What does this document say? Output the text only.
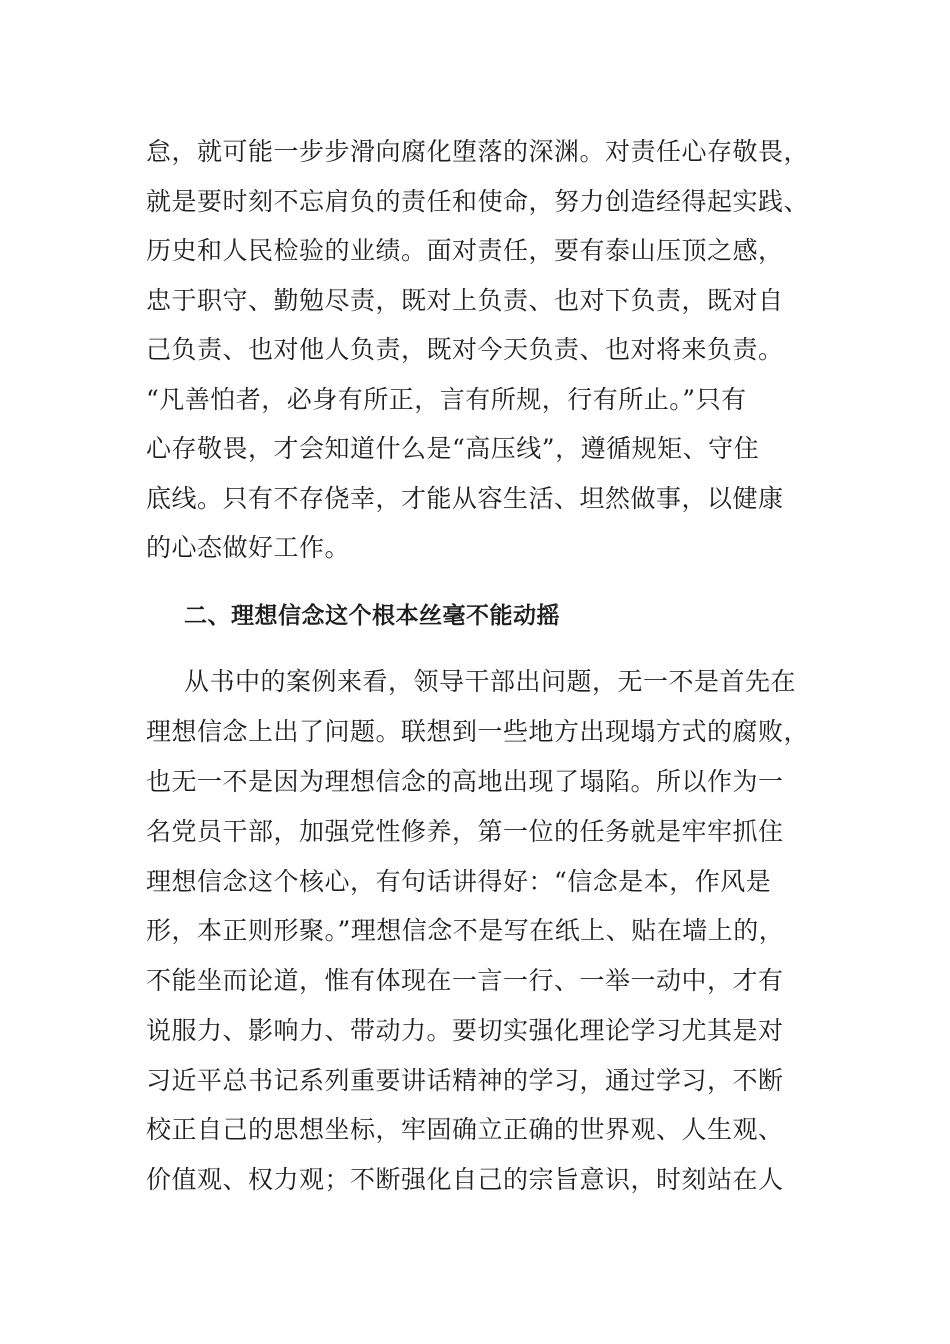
怠，就可能一步步滑向腐化堕落的深渊。对责任心存敬畏，
就是要时刻不忘肩负的责任和使命，努力创造经得起实践、
历史和人民检验的业绩。面对责任，要有泰山压顶之感，
忠于职守、勤勉尽责，既对上负责、也对下负责，既对自
己负责、也对他人负责，既对今天负责、也对将来负责。
“凡善怕者，必身有所正，言有所规，行有所止。”只有
心存敬畏，才会知道什么是“高压线”，遵循规矩、守住
底线。只有不存侥幸，才能从容生活、坦然做事，以健康
的心态做好工作。
二、理想信念这个根本丝毫不能动摇
从书中的案例来看，领导干部出问题，无一不是首先在
理想信念上出了问题。联想到一些地方出现塌方式的腐败，
也无一不是因为理想信念的高地出现了塌陷。所以作为一
名党员干部，加强党性修养，第一位的任务就是牢牢抓住
理想信念这个核心，有句话讲得好：“信念是本，作风是
形，本正则形聚。”理想信念不是写在纸上、贴在墙上的，
不能坐而论道，惟有体现在一言一行、一举一动中，才有
说服力、影响力、带动力。要切实强化理论学习尤其是对
习近平总书记系列重要讲话精神的学习，通过学习，不断
校正自己的思想坐标，牢固确立正确的世界观、人生观、
价值观、权力观；不断强化自己的宗旨意识，时刻站在人
